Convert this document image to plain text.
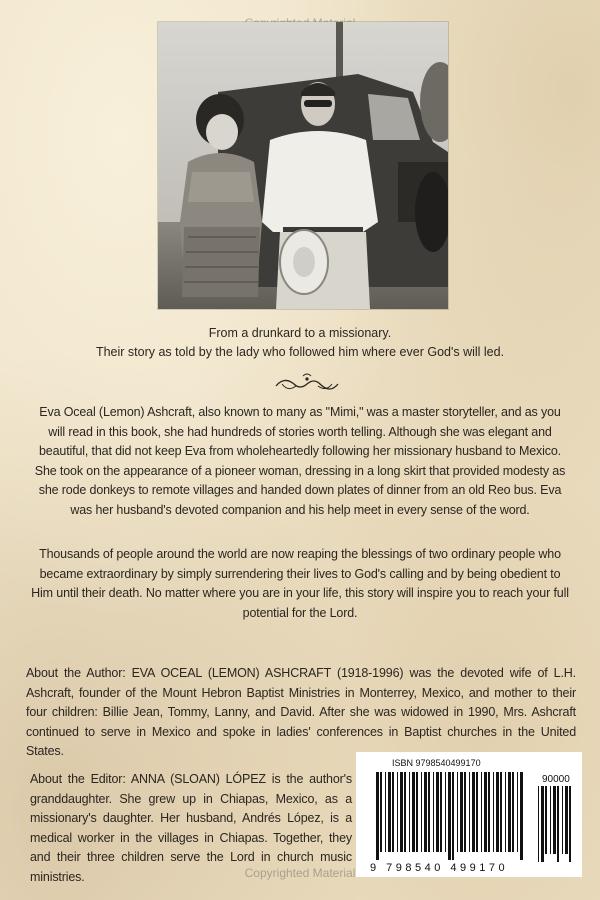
From a drunkard to a missionary.
Their story as told by the lady who followed him where ever God's will led.

Eva Oceal (Lemon) Ashcraft, also known to many as "Mimi," was a master storyteller, and as you will read in this book, she had hundreds of stories worth telling. Although she was elegant and beautiful, that did not keep Eva from wholeheartedly following her missionary husband to Mexico. She took on the appearance of a pioneer woman, dressing in a long skirt that provided modesty as she rode donkeys to remote villages and handed down plates of dinner from an old Reo bus. Eva was her husband's devoted companion and his help meet in every sense of the word.

Thousands of people around the world are now reaping the blessings of two ordinary people who became extraordinary by simply surrendering their lives to God's calling and by being obedient to Him until their death. No matter where you are in your life, this story will inspire you to reach your full potential for the Lord.

About the Author: EVA OCEAL (LEMON) ASHCRAFT (1918-1996) was the devoted wife of L.H. Ashcraft, founder of the Mount Hebron Baptist Ministries in Monterrey, Mexico, and mother to their four children: Billie Jean, Tommy, Lanny, and David. After she was widowed in 1990, Mrs. Ashcraft continued to serve in Mexico and spoke in ladies' conferences in Baptist churches in the United States.

About the Editor: ANNA (SLOAN) LÓPEZ is the author's granddaughter. She grew up in Chiapas, Mexico, as a missionary's daughter. Her husband, Andrés López, is a medical worker in the villages in Chiapas. Together, they and their three children serve the Lord in church music ministries.

ISBN 9798540499170
90000
9 798540 499170
Copyrighted Material
